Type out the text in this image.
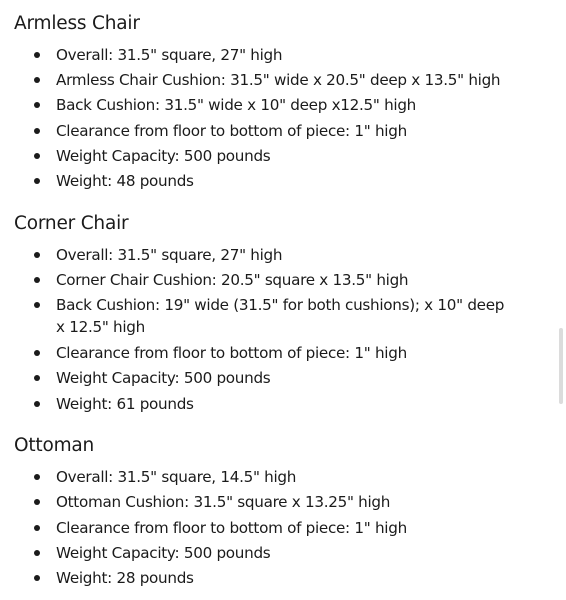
Armless Chair
Overall: 31.5" square, 27" high
Armless Chair Cushion: 31.5" wide x 20.5" deep x 13.5" high
Back Cushion: 31.5" wide x 10" deep x12.5" high
Clearance from floor to bottom of piece: 1" high
Weight Capacity: 500 pounds
Weight: 48 pounds
Corner Chair
Overall: 31.5" square, 27" high
Corner Chair Cushion: 20.5" square x 13.5" high
Back Cushion: 19" wide (31.5" for both cushions); x 10" deep x 12.5" high
Clearance from floor to bottom of piece: 1" high
Weight Capacity: 500 pounds
Weight: 61 pounds
Ottoman
Overall: 31.5" square, 14.5" high
Ottoman Cushion: 31.5" square x 13.25" high
Clearance from floor to bottom of piece: 1" high
Weight Capacity: 500 pounds
Weight: 28 pounds
